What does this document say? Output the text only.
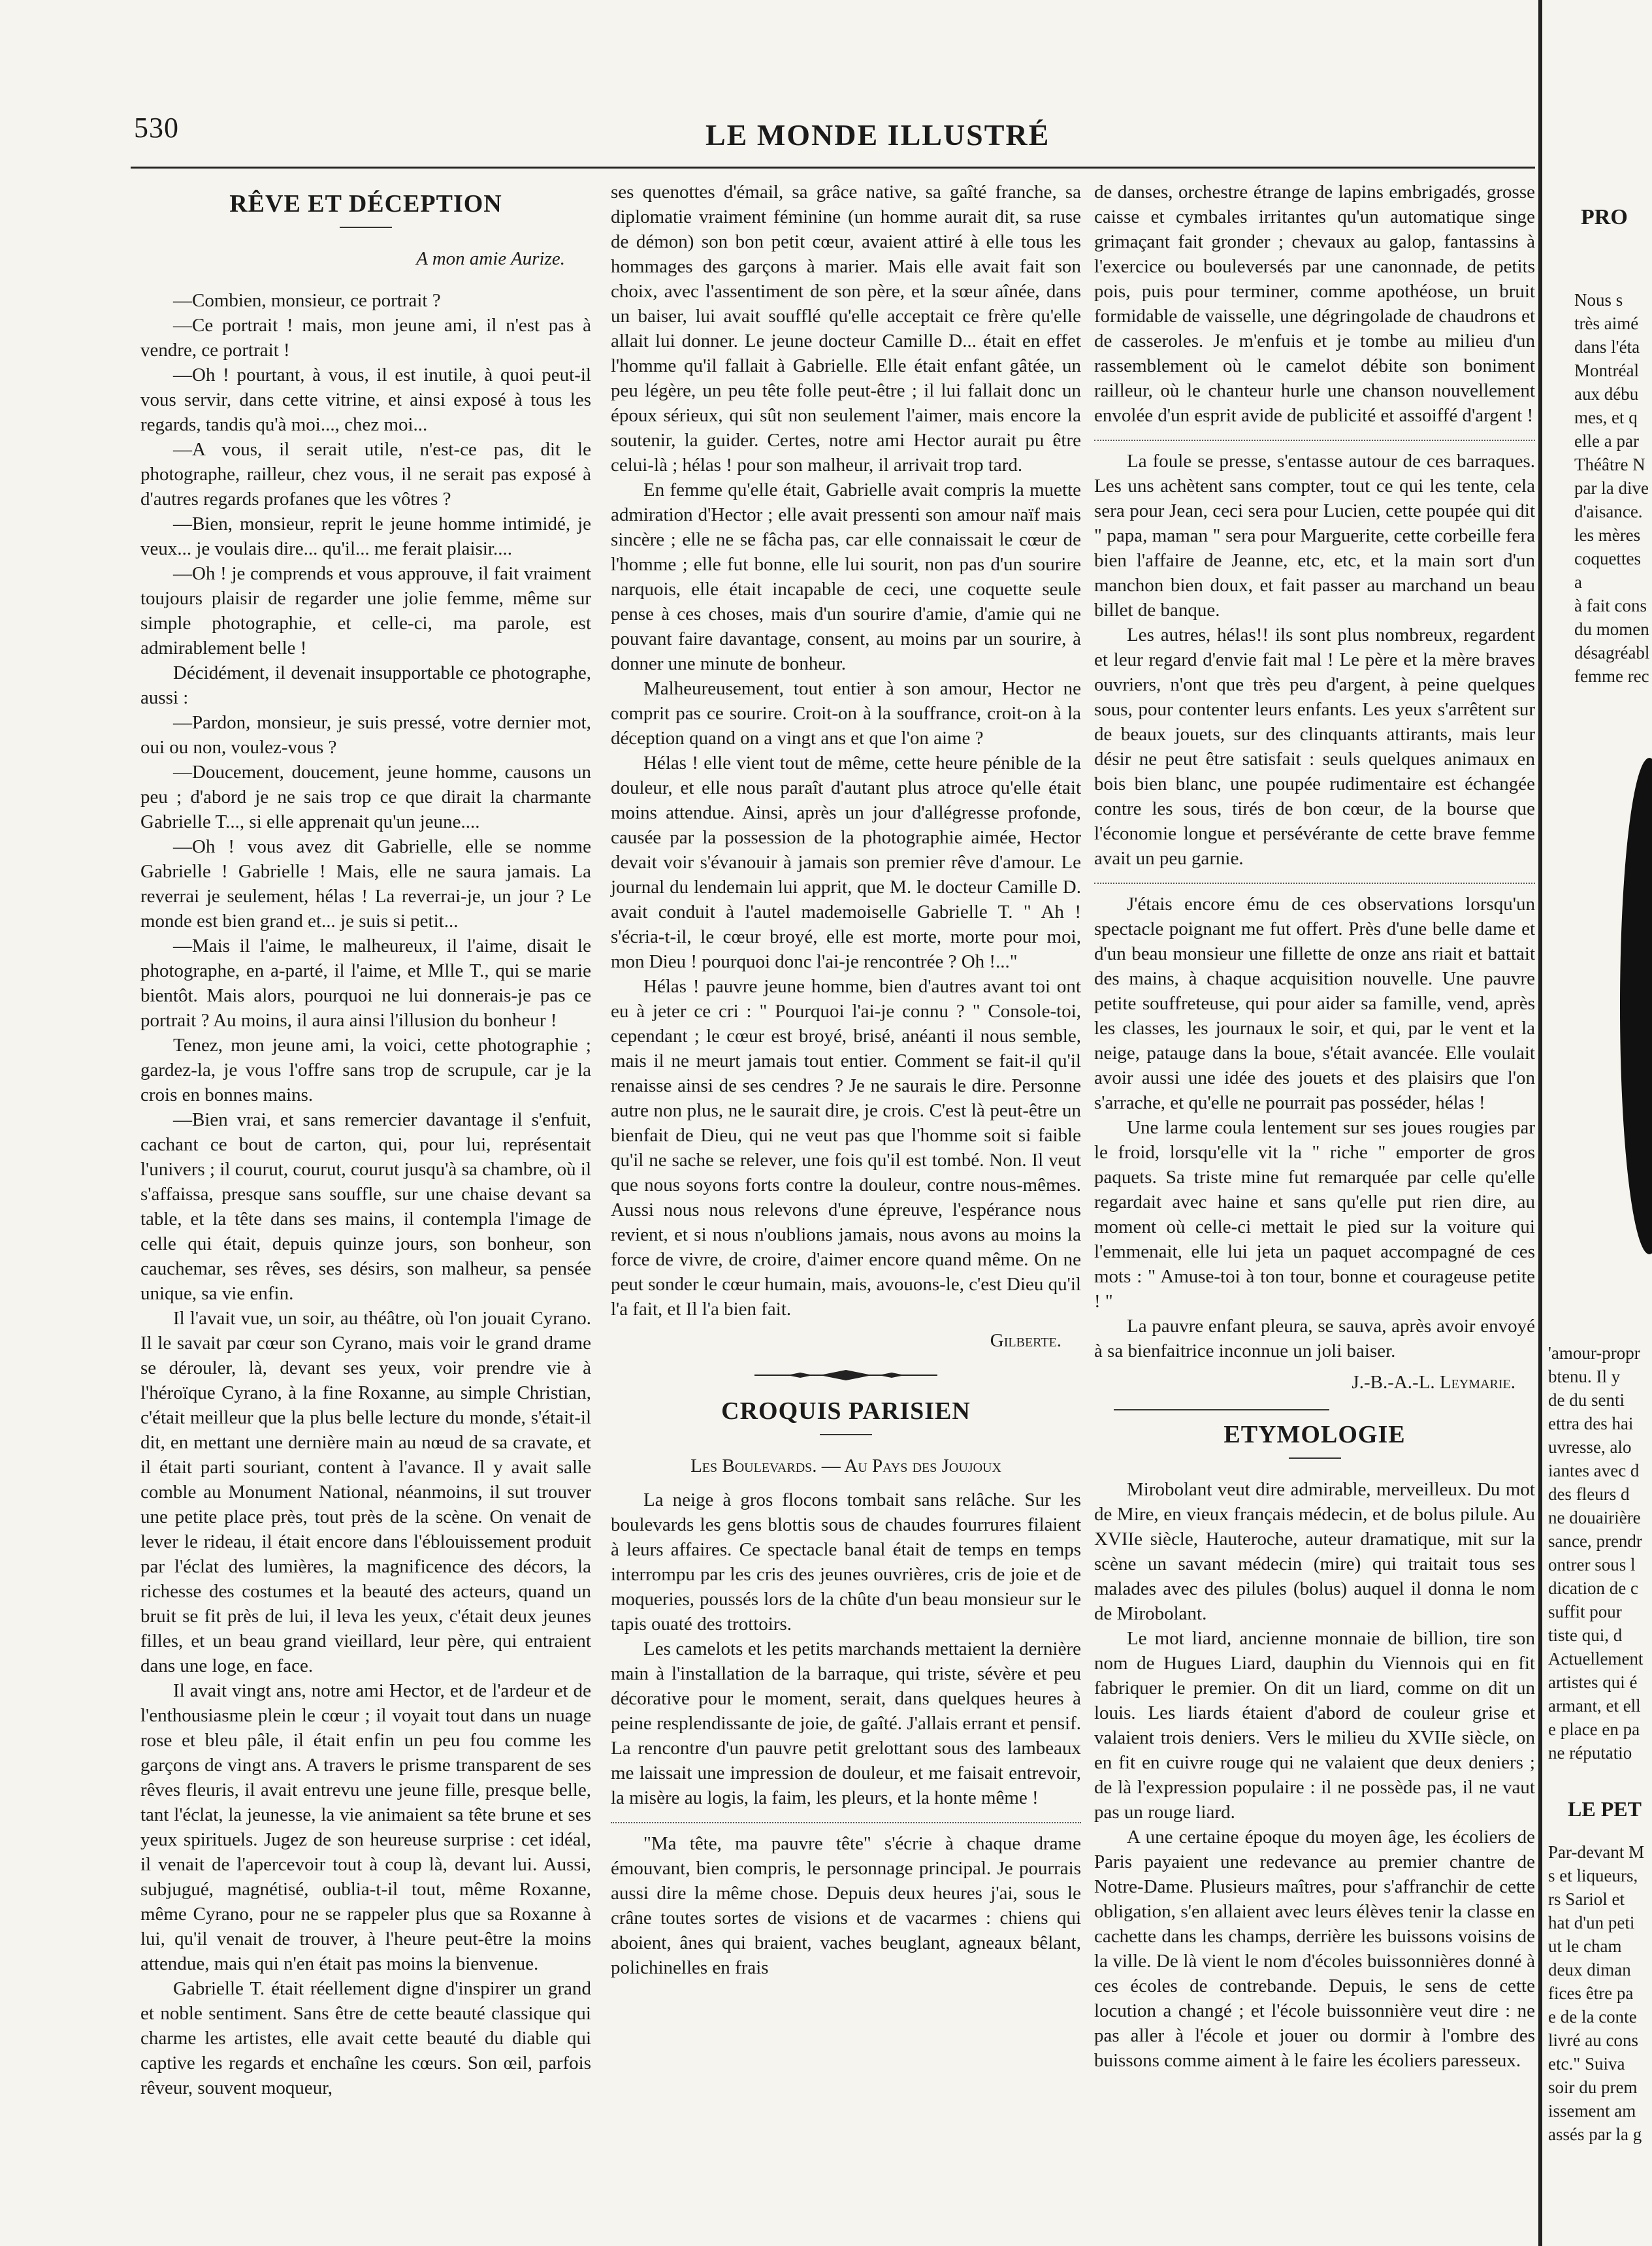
530	LE MONDE ILLUSTRÉ
RÊVE ET DÉCEPTION
A mon amie Aurize.

—Combien, monsieur, ce portrait ?

—Ce portrait ! mais, mon jeune ami, il n'est pas à vendre, ce portrait !

—Oh ! pourtant, à vous, il est inutile, à quoi peut-il vous servir, dans cette vitrine, et ainsi exposé à tous les regards, tandis qu'à moi..., chez moi...

—A vous, il serait utile, n'est-ce pas, dit le photographe, railleur, chez vous, il ne serait pas exposé à d'autres regards profanes que les vôtres ?

—Bien, monsieur, reprit le jeune homme intimidé, je veux... je voulais dire... qu'il... me ferait plaisir....

—Oh ! je comprends et vous approuve, il fait vraiment toujours plaisir de regarder une jolie femme, même sur simple photographie, et celle-ci, ma parole, est admirablement belle !

Décidément, il devenait insupportable ce photographe, aussi :

—Pardon, monsieur, je suis pressé, votre dernier mot, oui ou non, voulez-vous ?

—Doucement, doucement, jeune homme, causons un peu ; d'abord je ne sais trop ce que dirait la charmante Gabrielle T..., si elle apprenait qu'un jeune....

—Oh ! vous avez dit Gabrielle, elle se nomme Gabrielle ! Gabrielle ! Mais, elle ne saura jamais. La reverrai je seulement, hélas ! La reverrai-je, un jour ? Le monde est bien grand et... je suis si petit...

—Mais il l'aime, le malheureux, il l'aime, disait le photographe, en a-parté, il l'aime, et Mlle T., qui se marie bientôt. Mais alors, pourquoi ne lui donnerais-je pas ce portrait ? Au moins, il aura ainsi l'illusion du bonheur !

Tenez, mon jeune ami, la voici, cette photographie ; gardez-la, je vous l'offre sans trop de scrupule, car je la crois en bonnes mains.

—Bien vrai, et sans remercier davantage il s'enfuit, cachant ce bout de carton, qui, pour lui, représentait l'univers ; il courut, courut, courut jusqu'à sa chambre, où il s'affaissa, presque sans souffle, sur une chaise devant sa table, et la tête dans ses mains, il contempla l'image de celle qui était, depuis quinze jours, son bonheur, son cauchemar, ses rêves, ses désirs, son malheur, sa pensée unique, sa vie enfin.

Il l'avait vue, un soir, au théâtre, où l'on jouait Cyrano. Il le savait par cœur son Cyrano, mais voir le grand drame se dérouler, là, devant ses yeux, voir prendre vie à l'héroïque Cyrano, à la fine Roxanne, au simple Christian, c'était meilleur que la plus belle lecture du monde, s'était-il dit, en mettant une dernière main au nœud de sa cravate, et il était parti souriant, content à l'avance. Il y avait salle comble au Monument National, néanmoins, il sut trouver une petite place près, tout près de la scène. On venait de lever le rideau, il était encore dans l'éblouissement produit par l'éclat des lumières, la magnificence des décors, la richesse des costumes et la beauté des acteurs, quand un bruit se fit près de lui, il leva les yeux, c'était deux jeunes filles, et un beau grand vieillard, leur père, qui entraient dans une loge, en face.

Il avait vingt ans, notre ami Hector, et de l'ardeur et de l'enthousiasme plein le cœur ; il voyait tout dans un nuage rose et bleu pâle, il était enfin un peu fou comme les garçons de vingt ans. A travers le prisme transparent de ses rêves fleuris, il avait entrevu une jeune fille, presque belle, tant l'éclat, la jeunesse, la vie animaient sa tête brune et ses yeux spirituels. Jugez de son heureuse surprise : cet idéal, il venait de l'apercevoir tout à coup là, devant lui. Aussi, subjugué, magnétisé, oublia-t-il tout, même Roxanne, même Cyrano, pour ne se rappeler plus que sa Roxanne à lui, qu'il venait de trouver, à l'heure peut-être la moins attendue, mais qui n'en était pas moins la bienvenue.

Gabrielle T. était réellement digne d'inspirer un grand et noble sentiment. Sans être de cette beauté classique qui charme les artistes, elle avait cette beauté du diable qui captive les regards et enchaîne les cœurs. Son œil, parfois rêveur, souvent moqueur,

ses quenottes d'émail, sa grâce native, sa gaîté franche, sa diplomatie vraiment féminine (un homme aurait dit, sa ruse de démon) son bon petit cœur, avaient attiré à elle tous les hommages des garçons à marier. Mais elle avait fait son choix, avec l'assentiment de son père, et la sœur aînée, dans un baiser, lui avait soufflé qu'elle acceptait ce frère qu'elle allait lui donner. Le jeune docteur Camille D... était en effet l'homme qu'il fallait à Gabrielle. Elle était enfant gâtée, un peu légère, un peu tête folle peut-être ; il lui fallait donc un époux sérieux, qui sût non seulement l'aimer, mais encore la soutenir, la guider. Certes, notre ami Hector aurait pu être celui-là ; hélas ! pour son malheur, il arrivait trop tard.

En femme qu'elle était, Gabrielle avait compris la muette admiration d'Hector ; elle avait pressenti son amour naïf mais sincère ; elle ne se fâcha pas, car elle connaissait le cœur de l'homme ; elle fut bonne, elle lui sourit, non pas d'un sourire narquois, elle était incapable de ceci, une coquette seule pense à ces choses, mais d'un sourire d'amie, d'amie qui ne pouvant faire davantage, consent, au moins par un sourire, à donner une minute de bonheur.

Malheureusement, tout entier à son amour, Hector ne comprit pas ce sourire. Croit-on à la souffrance, croit-on à la déception quand on a vingt ans et que l'on aime ?

Hélas ! elle vient tout de même, cette heure pénible de la douleur, et elle nous paraît d'autant plus atroce qu'elle était moins attendue. Ainsi, après un jour d'allégresse profonde, causée par la possession de la photographie aimée, Hector devait voir s'évanouir à jamais son premier rêve d'amour. Le journal du lendemain lui apprit, que M. le docteur Camille D. avait conduit à l'autel mademoiselle Gabrielle T. " Ah ! s'écria-t-il, le cœur broyé, elle est morte, morte pour moi, mon Dieu ! pourquoi donc l'ai-je rencontrée ? Oh !..."

Hélas ! pauvre jeune homme, bien d'autres avant toi ont eu à jeter ce cri : " Pourquoi l'ai-je connu ? " Console-toi, cependant ; le cœur est broyé, brisé, anéanti il nous semble, mais il ne meurt jamais tout entier. Comment se fait-il qu'il renaisse ainsi de ses cendres ? Je ne saurais le dire. Personne autre non plus, ne le saurait dire, je crois. C'est là peut-être un bienfait de Dieu, qui ne veut pas que l'homme soit si faible qu'il ne sache se relever, une fois qu'il est tombé. Non. Il veut que nous soyons forts contre la douleur, contre nous-mêmes. Aussi nous nous relevons d'une épreuve, l'espérance nous revient, et si nous n'oublions jamais, nous avons au moins la force de vivre, de croire, d'aimer encore quand même. On ne peut sonder le cœur humain, mais, avouons-le, c'est Dieu qu'il l'a fait, et Il l'a bien fait.

Gilberte.
CROQUIS PARISIEN
Les Boulevards. — Au Pays des Joujoux

La neige à gros flocons tombait sans relâche. Sur les boulevards les gens blottis sous de chaudes fourrures filaient à leurs affaires. Ce spectacle banal était de temps en temps interrompu par les cris des jeunes ouvrières, cris de joie et de moqueries, poussés lors de la chûte d'un beau monsieur sur le tapis ouaté des trottoirs.

Les camelots et les petits marchands mettaient la dernière main à l'installation de la barraque, qui triste, sévère et peu décorative pour le moment, serait, dans quelques heures à peine resplendissante de joie, de gaîté. J'allais errant et pensif. La rencontre d'un pauvre petit grelottant sous des lambeaux me laissait une impression de douleur, et me faisait entrevoir, la misère au logis, la faim, les pleurs, et la honte même !

"Ma tête, ma pauvre tête" s'écrie à chaque drame émouvant, bien compris, le personnage principal. Je pourrais aussi dire la même chose. Depuis deux heures j'ai, sous le crâne toutes sortes de visions et de vacarmes : chiens qui aboient, ânes qui braient, vaches beuglant, agneaux bêlant, polichinelles en frais

de danses, orchestre étrange de lapins embrigadés, grosse caisse et cymbales irritantes qu'un automatique singe grimaçant fait gronder ; chevaux au galop, fantassins à l'exercice ou bouleversés par une canonnade, de petits pois, puis pour terminer, comme apothéose, un bruit formidable de vaisselle, une dégringolade de chaudrons et de casseroles. Je m'enfuis et je tombe au milieu d'un rassemblement où le camelot débite son boniment railleur, où le chanteur hurle une chanson nouvellement envolée d'un esprit avide de publicité et assoiffé d'argent !

La foule se presse, s'entasse autour de ces barraques. Les uns achètent sans compter, tout ce qui les tente, cela sera pour Jean, ceci sera pour Lucien, cette poupée qui dit " papa, maman " sera pour Marguerite, cette corbeille fera bien l'affaire de Jeanne, etc, etc, et la main sort d'un manchon bien doux, et fait passer au marchand un beau billet de banque.

Les autres, hélas!! ils sont plus nombreux, regardent et leur regard d'envie fait mal ! Le père et la mère braves ouvriers, n'ont que très peu d'argent, à peine quelques sous, pour contenter leurs enfants. Les yeux s'arrêtent sur de beaux jouets, sur des clinquants attirants, mais leur désir ne peut être satisfait : seuls quelques animaux en bois bien blanc, une poupée rudimentaire est échangée contre les sous, tirés de bon cœur, de la bourse que l'économie longue et persévérante de cette brave femme avait un peu garnie.

J'étais encore ému de ces observations lorsqu'un spectacle poignant me fut offert. Près d'une belle dame et d'un beau monsieur une fillette de onze ans riait et battait des mains, à chaque acquisition nouvelle. Une pauvre petite souffreteuse, qui pour aider sa famille, vend, après les classes, les journaux le soir, et qui, par le vent et la neige, patauge dans la boue, s'était avancée. Elle voulait avoir aussi une idée des jouets et des plaisirs que l'on s'arrache, et qu'elle ne pourrait pas posséder, hélas !

Une larme coula lentement sur ses joues rougies par le froid, lorsqu'elle vit la " riche " emporter de gros paquets. Sa triste mine fut remarquée par celle qu'elle regardait avec haine et sans qu'elle put rien dire, au moment où celle-ci mettait le pied sur la voiture qui l'emmenait, elle lui jeta un paquet accompagné de ces mots : " Amuse-toi à ton tour, bonne et courageuse petite ! "

La pauvre enfant pleura, se sauva, après avoir envoyé à sa bienfaitrice inconnue un joli baiser.

J.-B.-A.-L. Leymarie.
ETYMOLOGIE

Mirobolant veut dire admirable, merveilleux. Du mot de Mire, en vieux français médecin, et de bolus pilule. Au XVIIe siècle, Hauteroche, auteur dramatique, mit sur la scène un savant médecin (mire) qui traitait tous ses malades avec des pilules (bolus) auquel il donna le nom de Mirobolant.

Le mot liard, ancienne monnaie de billion, tire son nom de Hugues Liard, dauphin du Viennois qui en fit fabriquer le premier. On dit un liard, comme on dit un louis. Les liards étaient d'abord de couleur grise et valaient trois deniers. Vers le milieu du XVIIe siècle, on en fit en cuivre rouge qui ne valaient que deux deniers ; de là l'expression populaire : il ne possède pas, il ne vaut pas un rouge liard.

A une certaine époque du moyen âge, les écoliers de Paris payaient une redevance au premier chantre de Notre-Dame. Plusieurs maîtres, pour s'affranchir de cette obligation, s'en allaient avec leurs élèves tenir la classe en cachette dans les champs, derrière les buissons voisins de la ville. De là vient le nom d'écoles buissonnières donné à ces écoles de contrebande. Depuis, le sens de cette locution a changé ; et l'école buissonnière veut dire : ne pas aller à l'école et jouer ou dormir à l'ombre des buissons comme aiment à le faire les écoliers paresseux.

PRO
Nous s
très aimé
dans l'éta
Montréal
aux débu
mes, et q
elle a par
Théâtre N
par la dive
d'aisance.
les mères
coquettes a
à fait cons
du momen
désagréabl
femme rec
'amour-propr
btenu. Il y
de du senti
ettra des hai
uvresse, alo
iantes avec d
des fleurs d
ne douairière
sance, prendr
ontrer sous l
dication de c
suffit pour
tiste qui, d
Actuellement
artistes qui é
armant, et ell
e place en pa
ne réputatio
LE PET
Par-devant M
s et liqueurs,
rs Sariol et
hat d'un peti
ut le cham
deux diman
fices être pa
e de la conte
livré au cons
etc." Suiva
soir du prem
issement am
assés par la g
